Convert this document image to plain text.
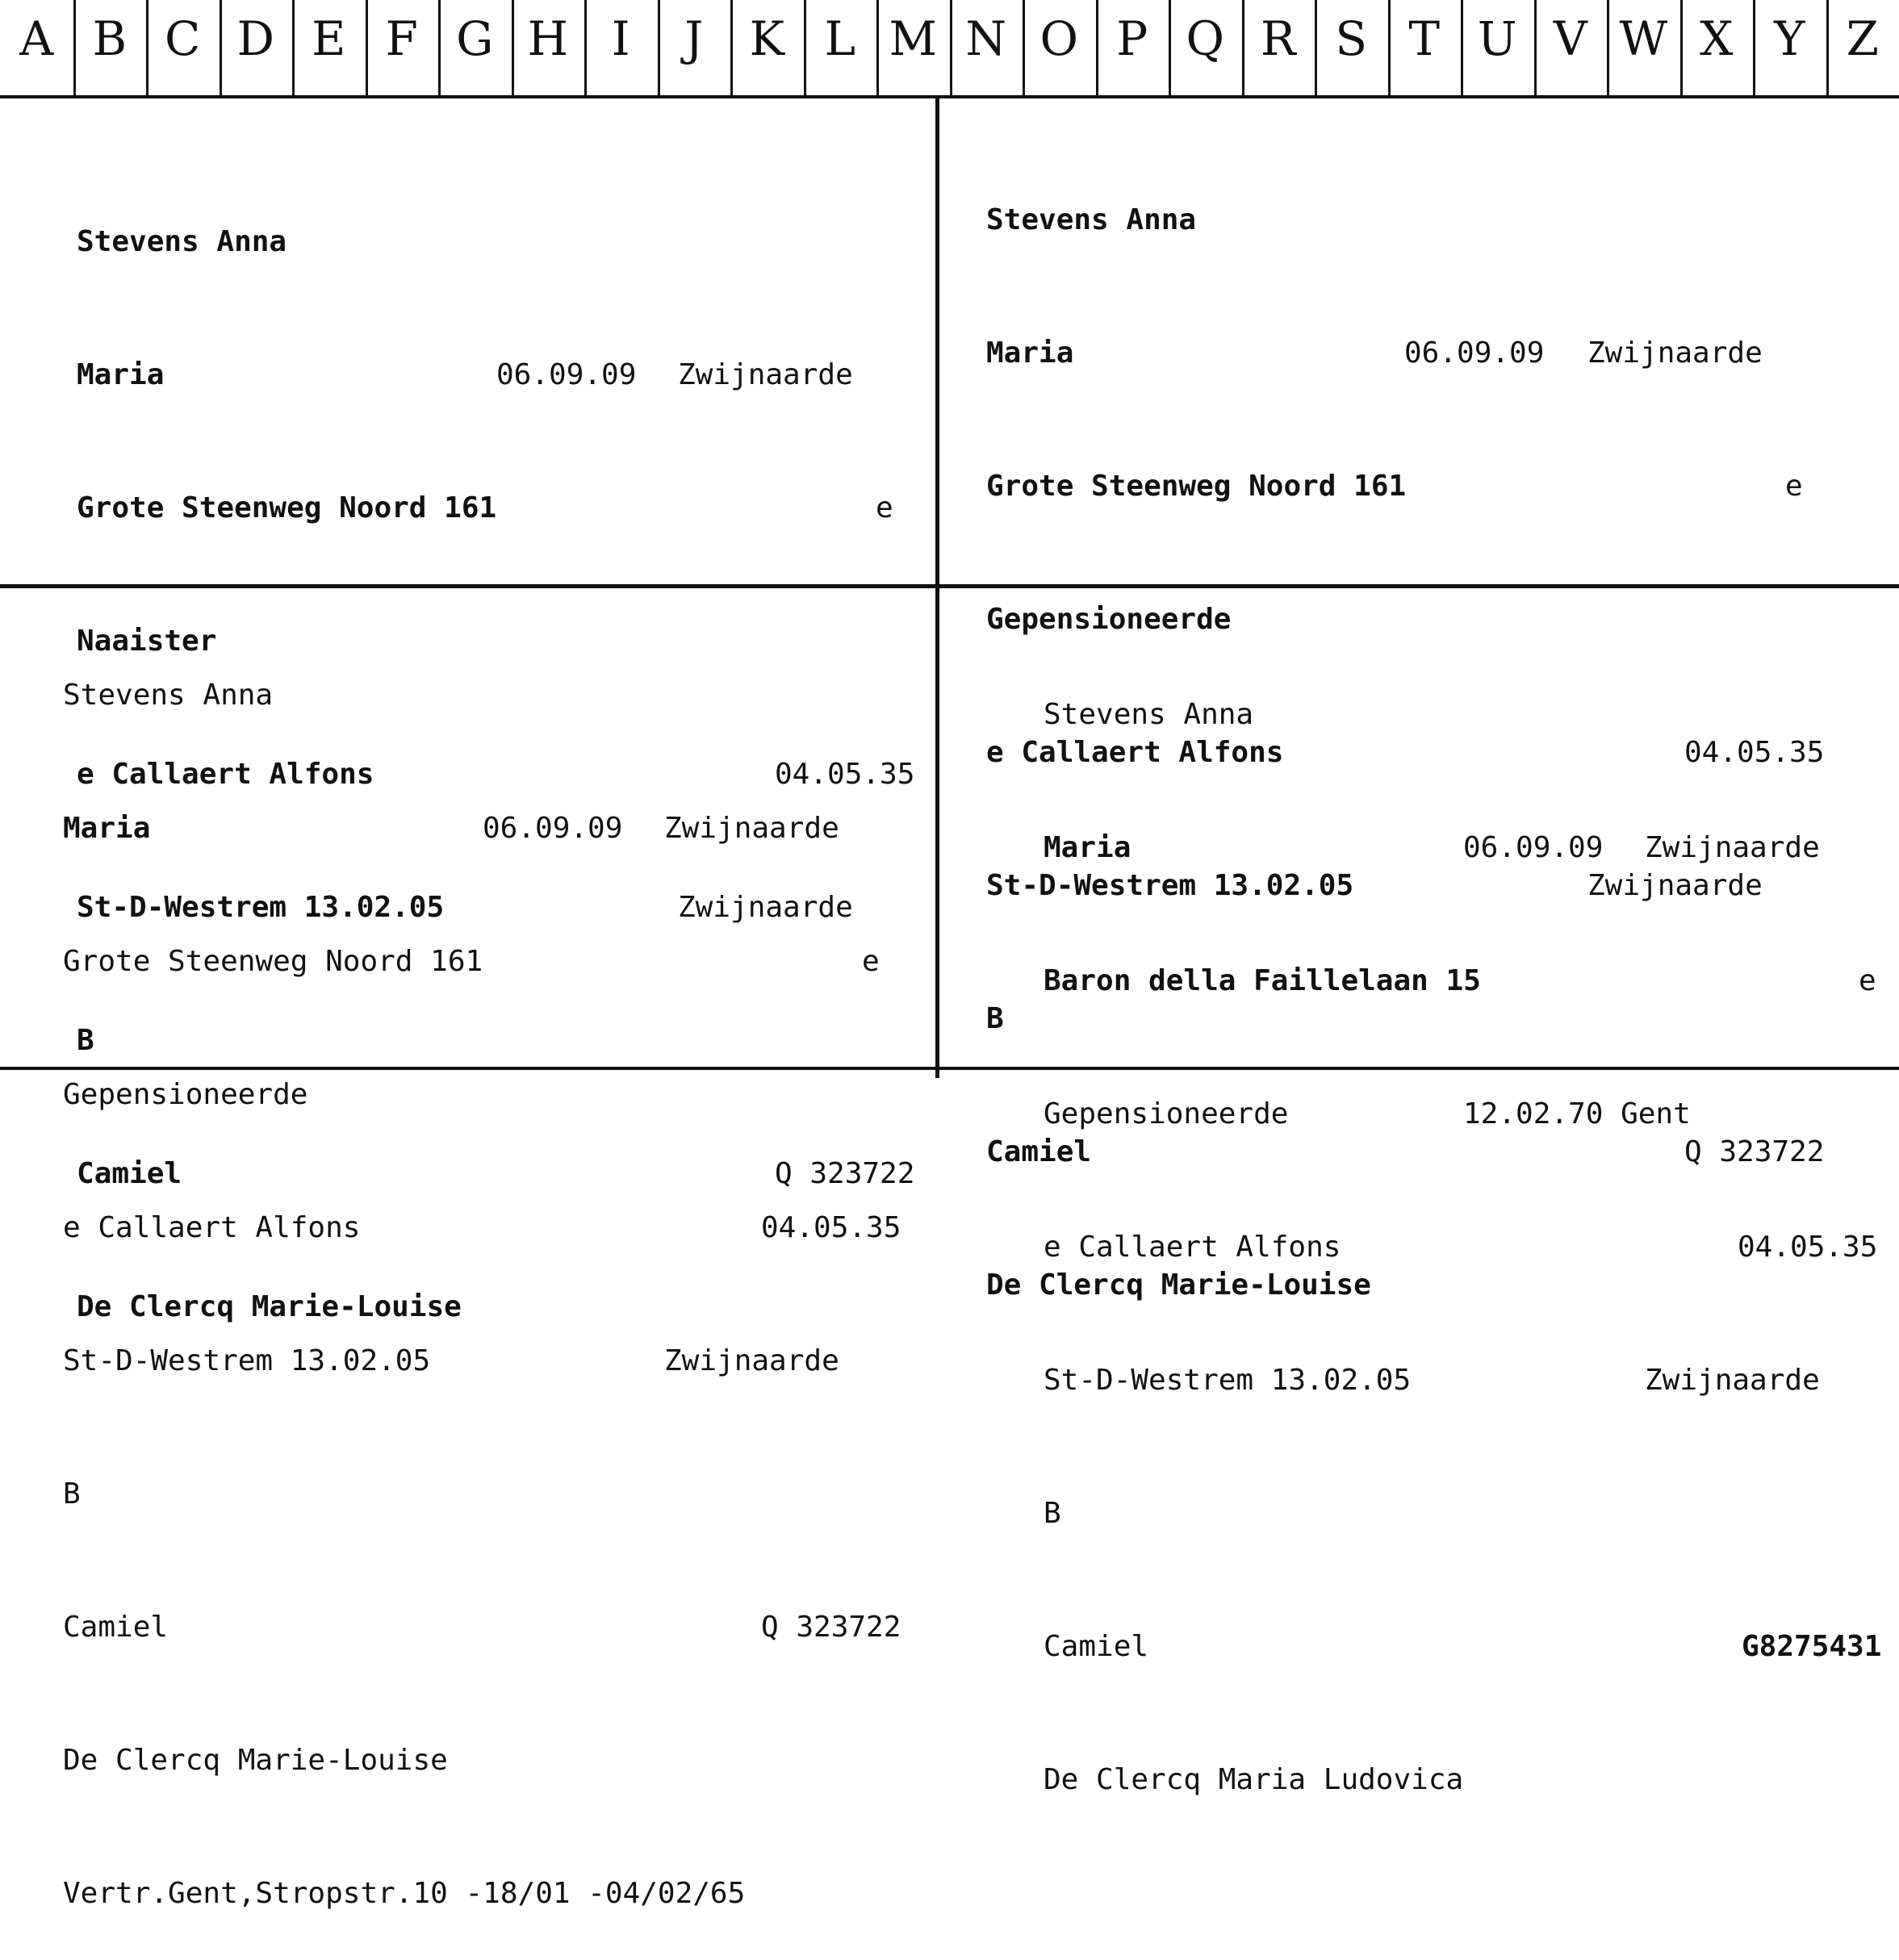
A B C D E F G H I	J K L M N O P Q R S T U V W X Y Z

Stevens Anna

Maria	06.09.09 Zwijnaarde

Grote Steenweg Noord 161	e

Naaister

e Callaert Alfons	04.05.35

St-D-Westrem 13.02.05	Zwijnaarde

B

Camiel	Q 323722

De Clercq Marie-Louise

Stevens Anna

Maria	06.09.09 Zwijnaarde

Grote Steenweg Noord 161	e

Gepensioneerde

e Callaert Alfons	04.05.35

St-D-Westrem 13.02.05	Zwijnaarde

B

Camiel	Q 323722

De Clercq Marie-Louise

Stevens Anna

Maria	06.09.09 Zwijnaarde

Grote Steenweg Noord 161	e

Gepensioneerde

e Callaert Alfons	04.05.35

St-D-Westrem 13.02.05	Zwijnaarde

B

Camiel	Q 323722

De Clercq Marie-Louise

Vertr.Gent,Stropstr.10 -18/01 -04/02/65

Stevens Anna

Maria	06.09.09 Zwijnaarde

Baron della Faillelaan 15	e

Gepensioneerde	12.02.70 Gent

e Callaert Alfons	04.05.35

St-D-Westrem 13.02.05	Zwijnaarde

B

Camiel	G8275431

De Clercq Maria Ludovica
